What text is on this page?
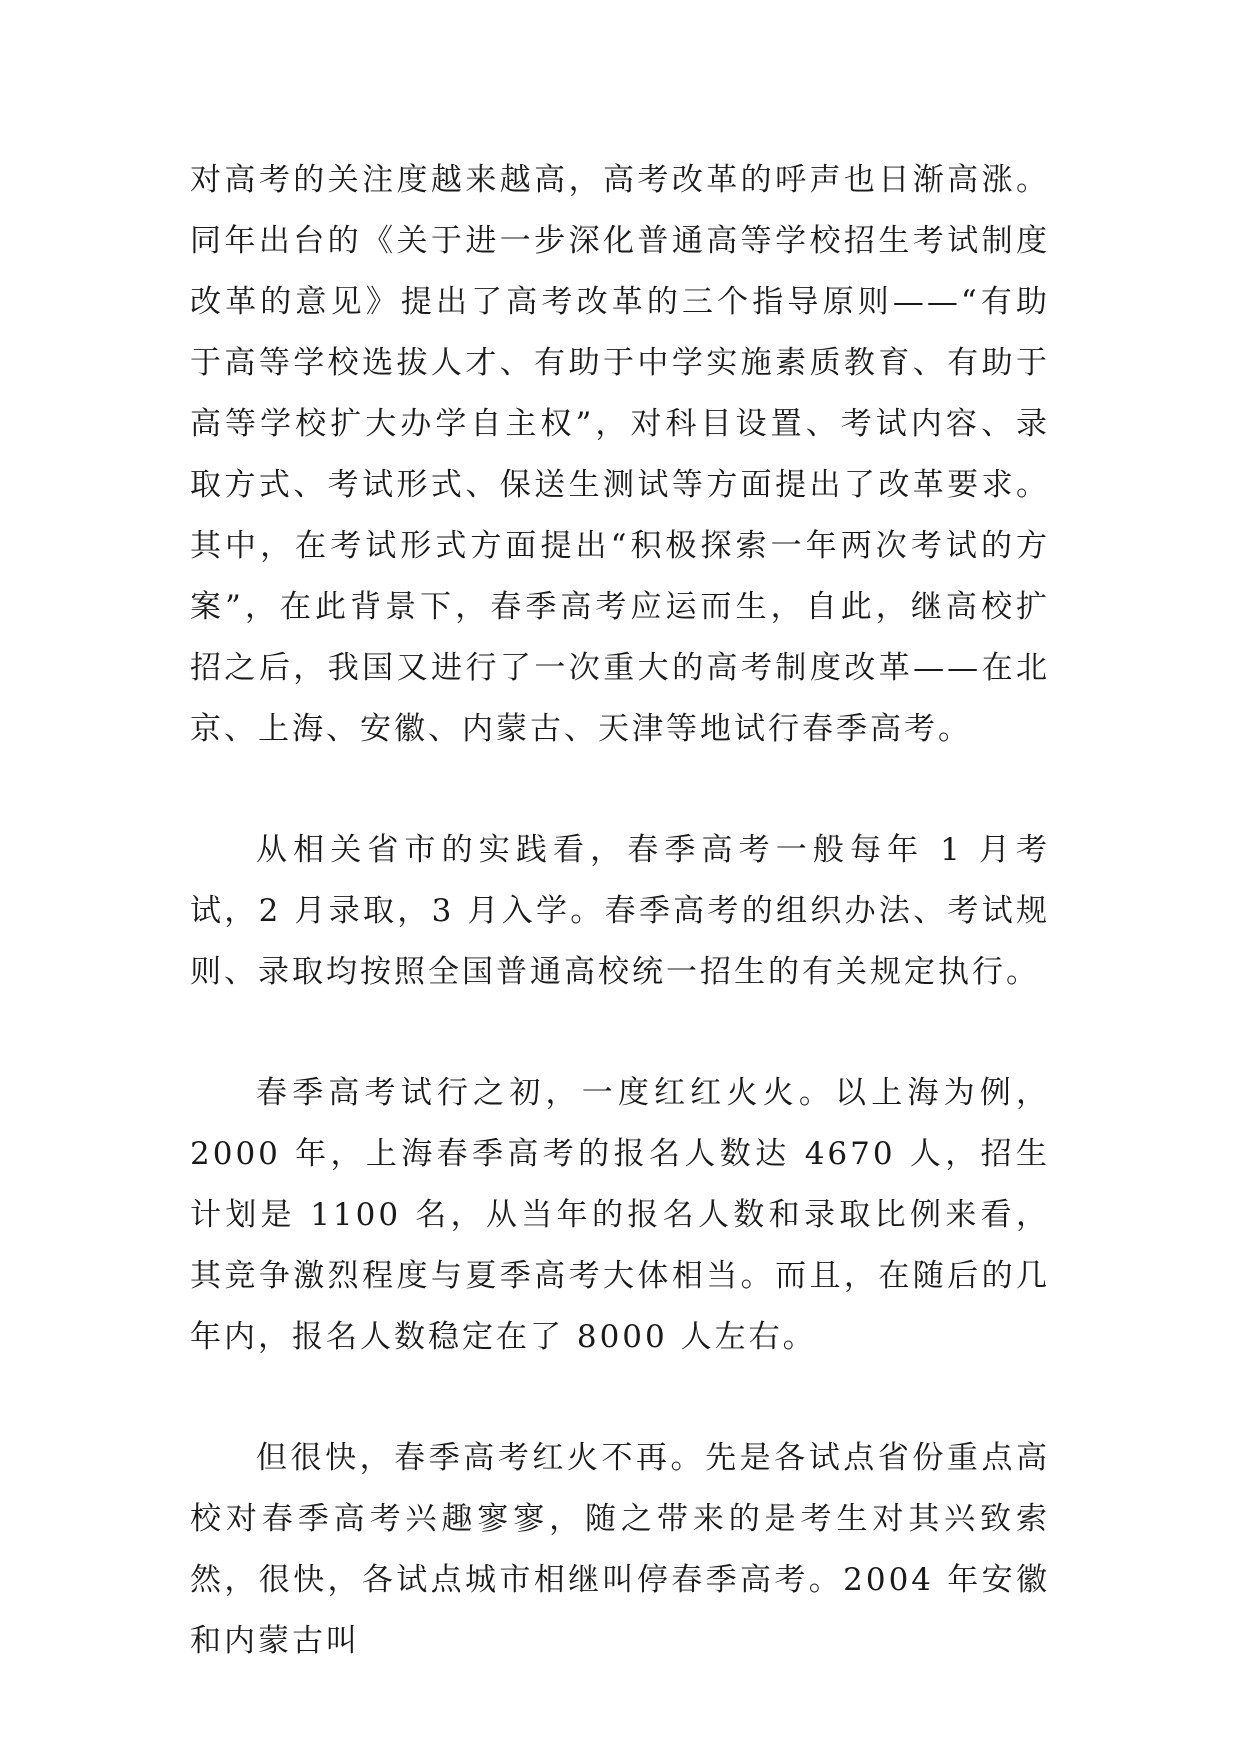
对高考的关注度越来越高，高考改革的呼声也日渐高涨。同年出台的《关于进一步深化普通高等学校招生考试制度改革的意见》提出了高考改革的三个指导原则——“有助于高等学校选拔人才、有助于中学实施素质教育、有助于高等学校扩大办学自主权”，对科目设置、考试内容、录取方式、考试形式、保送生测试等方面提出了改革要求。其中，在考试形式方面提出“积极探索一年两次考试的方案”，在此背景下，春季高考应运而生，自此，继高校扩招之后，我国又进行了一次重大的高考制度改革——在北京、上海、安徽、内蒙古、天津等地试行春季高考。

从相关省市的实践看，春季高考一般每年 1 月考试，2 月录取，3 月入学。春季高考的组织办法、考试规则、录取均按照全国普通高校统一招生的有关规定执行。

春季高考试行之初，一度红红火火。以上海为例，2000 年，上海春季高考的报名人数达 4670 人，招生计划是 1100 名，从当年的报名人数和录取比例来看，其竞争激烈程度与夏季高考大体相当。而且，在随后的几年内，报名人数稳定在了 8000 人左右。

但很快，春季高考红火不再。先是各试点省份重点高校对春季高考兴趣寥寥，随之带来的是考生对其兴致索然，很快，各试点城市相继叫停春季高考。2004 年安徽和内蒙古叫
